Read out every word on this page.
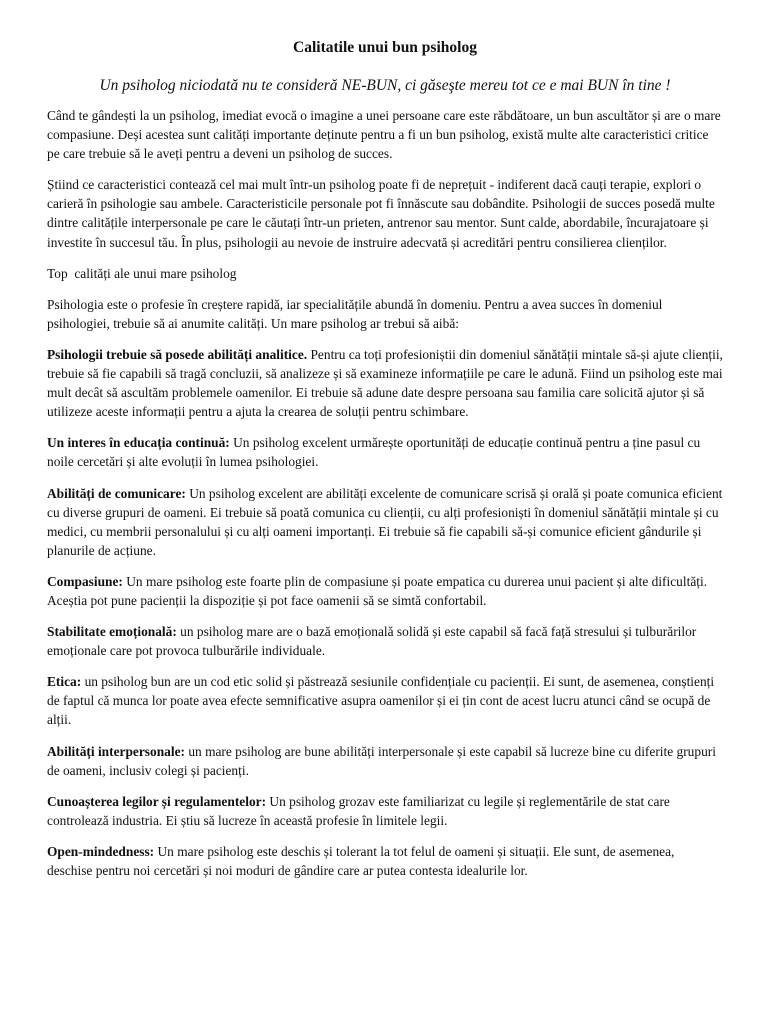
Calitatile unui bun psiholog

Un psiholog niciodată nu te consideră NE-BUN, ci găseşte mereu tot ce e mai BUN în tine !

Când te gândești la un psiholog, imediat evocă o imagine a unei persoane care este răbdătoare, un bun ascultător și are o mare compasiune. Deși acestea sunt calități importante deținute pentru a fi un bun psiholog, există multe alte caracteristici critice pe care trebuie să le aveți pentru a deveni un psiholog de succes.

Știind ce caracteristici contează cel mai mult într-un psiholog poate fi de neprețuit - indiferent dacă cauți terapie, explori o carieră în psihologie sau ambele. Caracteristicile personale pot fi înnăscute sau dobândite. Psihologii de succes posedă multe dintre calitățile interpersonale pe care le căutați într-un prieten, antrenor sau mentor. Sunt calde, abordabile, încurajatoare și investite în succesul tău. În plus, psihologii au nevoie de instruire adecvată și acreditări pentru consilierea clienților.

Top  calități ale unui mare psiholog

Psihologia este o profesie în creștere rapidă, iar specialitățile abundă în domeniu. Pentru a avea succes în domeniul psihologiei, trebuie să ai anumite calități. Un mare psiholog ar trebui să aibă:

Psihologii trebuie să posede abilități analitice. Pentru ca toți profesioniștii din domeniul sănătății mintale să-și ajute clienții, trebuie să fie capabili să tragă concluzii, să analizeze și să examineze informațiile pe care le adună. Fiind un psiholog este mai mult decât să ascultăm problemele oamenilor. Ei trebuie să adune date despre persoana sau familia care solicită ajutor și să utilizeze aceste informații pentru a ajuta la crearea de soluții pentru schimbare.

Un interes în educația continuă: Un psiholog excelent urmărește oportunități de educație continuă pentru a ține pasul cu noile cercetări și alte evoluții în lumea psihologiei.

Abilități de comunicare: Un psiholog excelent are abilități excelente de comunicare scrisă și orală și poate comunica eficient cu diverse grupuri de oameni. Ei trebuie să poată comunica cu clienții, cu alți profesioniști în domeniul sănătății mintale și cu medici, cu membrii personalului și cu alți oameni importanți. Ei trebuie să fie capabili să-și comunice eficient gândurile și planurile de acțiune.

Compasiune: Un mare psiholog este foarte plin de compasiune și poate empatica cu durerea unui pacient și alte dificultăți. Aceștia pot pune pacienții la dispoziție și pot face oamenii să se simtă confortabil.

Stabilitate emoțională: un psiholog mare are o bază emoțională solidă și este capabil să facă față stresului și tulburărilor emoționale care pot provoca tulburările individuale.

Etica: un psiholog bun are un cod etic solid și păstrează sesiunile confidențiale cu pacienții. Ei sunt, de asemenea, conștienți de faptul că munca lor poate avea efecte semnificative asupra oamenilor și ei țin cont de acest lucru atunci când se ocupă de alții.

Abilități interpersonale: un mare psiholog are bune abilități interpersonale și este capabil să lucreze bine cu diferite grupuri de oameni, inclusiv colegi și pacienți.

Cunoașterea legilor și regulamentelor: Un psiholog grozav este familiarizat cu legile și reglementările de stat care controlează industria. Ei știu să lucreze în această profesie în limitele legii.

Open-mindedness: Un mare psiholog este deschis și tolerant la tot felul de oameni și situații. Ele sunt, de asemenea, deschise pentru noi cercetări și noi moduri de gândire care ar putea contesta idealurile lor.
